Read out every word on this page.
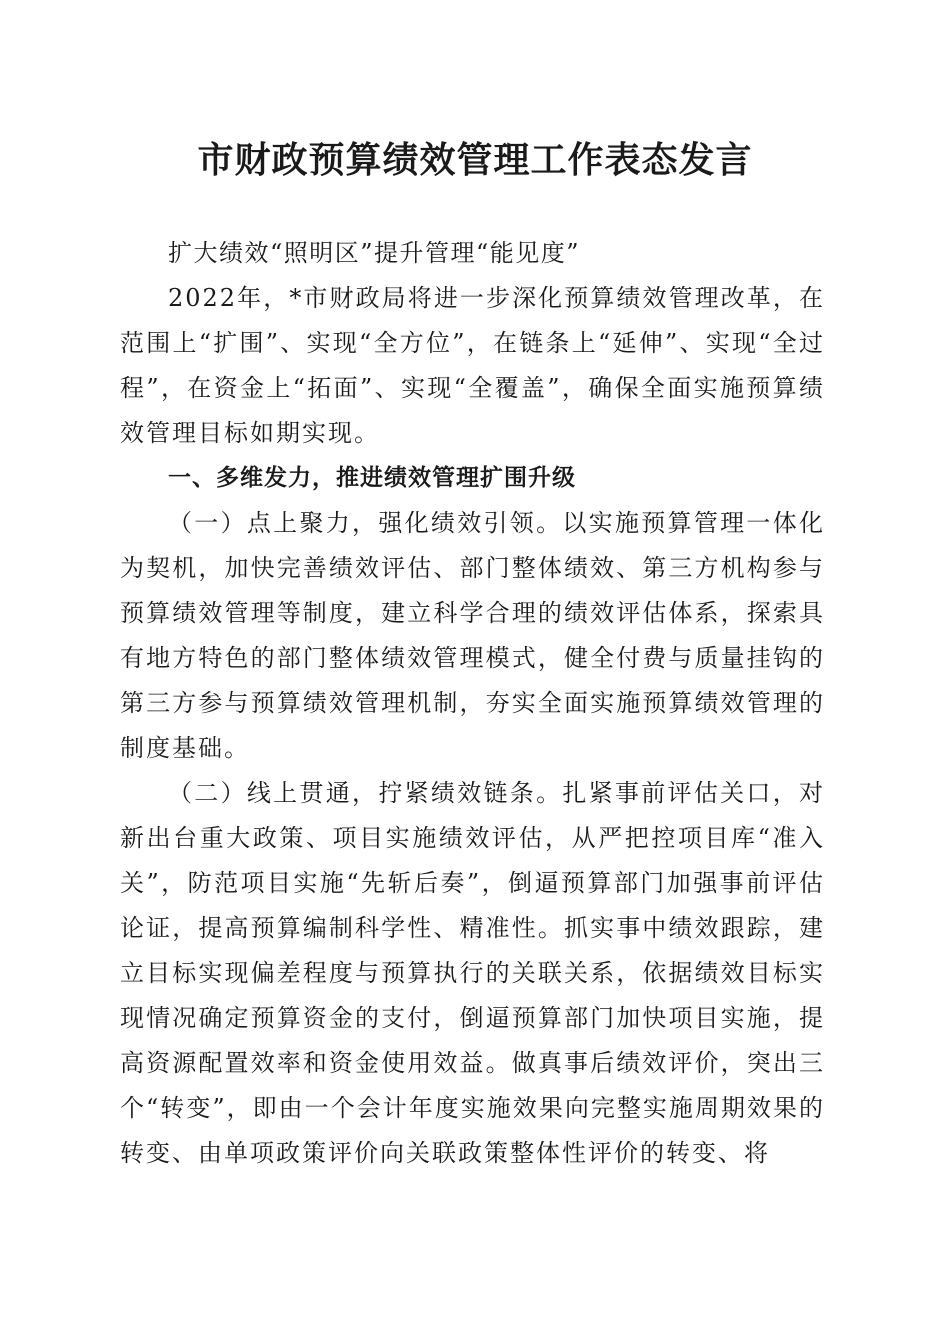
市财政预算绩效管理工作表态发言

扩大绩效“照明区”提升管理“能见度”

2022年，*市财政局将进一步深化预算绩效管理改革，在范围上“扩围”、实现“全方位”，在链条上“延伸”、实现“全过程”，在资金上“拓面”、实现“全覆盖”，确保全面实施预算绩效管理目标如期实现。

一、多维发力，推进绩效管理扩围升级

（一）点上聚力，强化绩效引领。以实施预算管理一体化为契机，加快完善绩效评估、部门整体绩效、第三方机构参与预算绩效管理等制度，建立科学合理的绩效评估体系，探索具有地方特色的部门整体绩效管理模式，健全付费与质量挂钩的第三方参与预算绩效管理机制，夯实全面实施预算绩效管理的制度基础。

（二）线上贯通，拧紧绩效链条。扎紧事前评估关口，对新出台重大政策、项目实施绩效评估，从严把控项目库“准入关”，防范项目实施“先斩后奏”，倒逼预算部门加强事前评估论证，提高预算编制科学性、精准性。抓实事中绩效跟踪，建立目标实现偏差程度与预算执行的关联关系，依据绩效目标实现情况确定预算资金的支付，倒逼预算部门加快项目实施，提高资源配置效率和资金使用效益。做真事后绩效评价，突出三个“转变”，即由一个会计年度实施效果向完整实施周期效果的转变、由单项政策评价向关联政策整体性评价的转变、将
